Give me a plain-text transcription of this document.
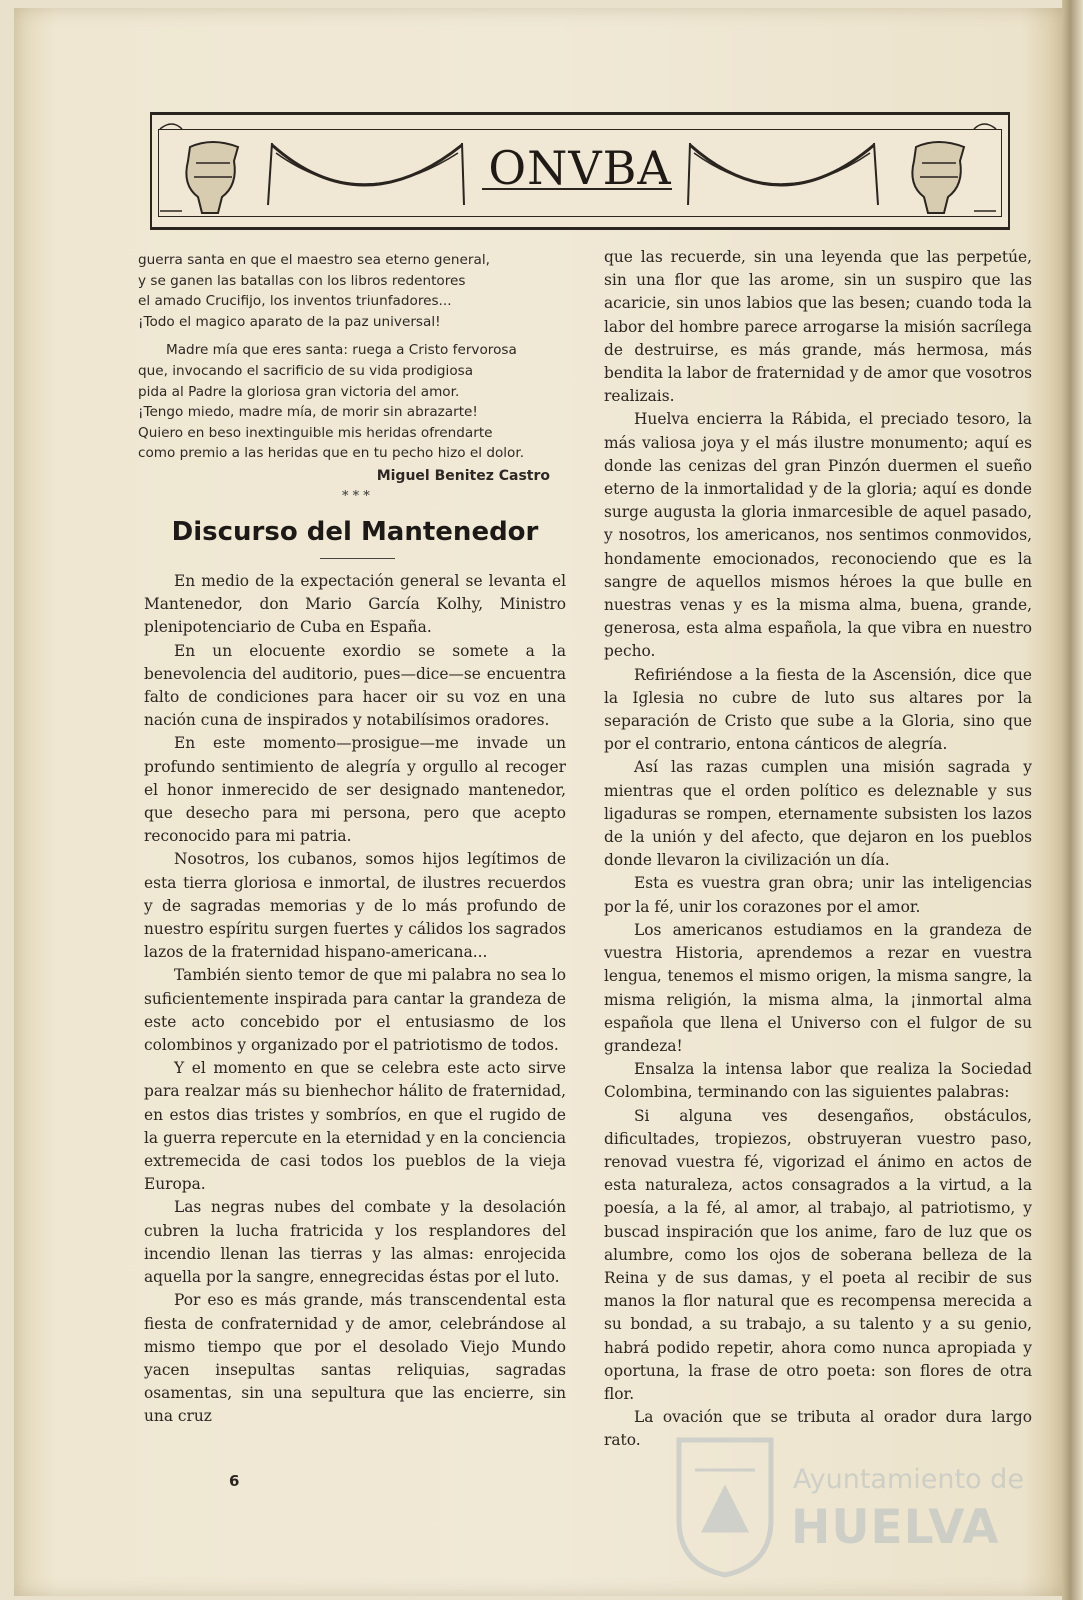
ONVBA

guerra santa en que el maestro sea eterno general,

y se ganen las batallas con los libros redentores

el amado Crucifijo, los inventos triunfadores...

¡Todo el magico aparato de la paz universal!

Madre mía que eres santa: ruega a Cristo fervorosa

que, invocando el sacrificio de su vida prodigiosa

pida al Padre la gloriosa gran victoria del amor.

¡Tengo miedo, madre mía, de morir sin abrazarte!

Quiero en beso inextinguible mis heridas ofrendarte

como premio a las heridas que en tu pecho hizo el dolor.

Miguel Benitez Castro
* * *
Discurso del Mantenedor

En medio de la expectación general se levanta el Mantenedor, don Mario García Kolhy, Ministro plenipotenciario de Cuba en España.

En un elocuente exordio se somete a la benevolencia del auditorio, pues—dice—se encuentra falto de condiciones para hacer oir su voz en una nación cuna de inspirados y notabilísimos oradores.

En este momento—prosigue—me invade un profundo sentimiento de alegría y orgullo al recoger el honor inmerecido de ser designado mantenedor, que desecho para mi persona, pero que acepto reconocido para mi patria.

Nosotros, los cubanos, somos hijos legítimos de esta tierra gloriosa e inmortal, de ilustres recuerdos y de sagradas memorias y de lo más profundo de nuestro espíritu surgen fuertes y cálidos los sagrados lazos de la fraternidad hispano-americana...

También siento temor de que mi palabra no sea lo suficientemente inspirada para cantar la grandeza de este acto concebido por el entusiasmo de los colombinos y organizado por el patriotismo de todos.

Y el momento en que se celebra este acto sirve para realzar más su bienhechor hálito de fraternidad, en estos dias tristes y sombríos, en que el rugido de la guerra repercute en la eternidad y en la conciencia extremecida de casi todos los pueblos de la vieja Europa.

Las negras nubes del combate y la desolación cubren la lucha fratricida y los resplandores del incendio llenan las tierras y las almas: enrojecida aquella por la sangre, ennegrecidas éstas por el luto.

Por eso es más grande, más transcendental esta fiesta de confraternidad y de amor, celebrándose al mismo tiempo que por el desolado Viejo Mundo yacen insepultas santas reliquias, sagradas osamentas, sin una sepultura que las encierre, sin una cruz

6

que las recuerde, sin una leyenda que las perpetúe, sin una flor que las arome, sin un suspiro que las acaricie, sin unos labios que las besen; cuando toda la labor del hombre parece arrogarse la misión sacrílega de destruirse, es más grande, más hermosa, más bendita la labor de fraternidad y de amor que vosotros realizais.

Huelva encierra la Rábida, el preciado tesoro, la más valiosa joya y el más ilustre monumento; aquí es donde las cenizas del gran Pinzón duermen el sueño eterno de la inmortalidad y de la gloria; aquí es donde surge augusta la gloria inmarcesible de aquel pasado, y nosotros, los americanos, nos sentimos conmovidos, hondamente emocionados, reconociendo que es la sangre de aquellos mismos héroes la que bulle en nuestras venas y es la misma alma, buena, grande, generosa, esta alma española, la que vibra en nuestro pecho.

Refiriéndose a la fiesta de la Ascensión, dice que la Iglesia no cubre de luto sus altares por la separación de Cristo que sube a la Gloria, sino que por el contrario, entona cánticos de alegría.

Así las razas cumplen una misión sagrada y mientras que el orden político es deleznable y sus ligaduras se rompen, eternamente subsisten los lazos de la unión y del afecto, que dejaron en los pueblos donde llevaron la civilización un día.

Esta es vuestra gran obra; unir las inteligencias por la fé, unir los corazones por el amor.

Los americanos estudiamos en la grandeza de vuestra Historia, aprendemos a rezar en vuestra lengua, tenemos el mismo origen, la misma sangre, la misma religión, la misma alma, la ¡inmortal alma española que llena el Universo con el fulgor de su grandeza!

Ensalza la intensa labor que realiza la Sociedad Colombina, terminando con las siguientes palabras:

Si alguna ves desengaños, obstáculos, dificultades, tropiezos, obstruyeran vuestro paso, renovad vuestra fé, vigorizad el ánimo en actos de esta naturaleza, actos consagrados a la virtud, a la poesía, a la fé, al amor, al trabajo, al patriotismo, y buscad inspiración que los anime, faro de luz que os alumbre, como los ojos de soberana belleza de la Reina y de sus damas, y el poeta al recibir de sus manos la flor natural que es recompensa merecida a su bondad, a su trabajo, a su talento y a su genio, habrá podido repetir, ahora como nunca apropiada y oportuna, la frase de otro poeta: son flores de otra flor.

La ovación que se tributa al orador dura largo rato.

Ayuntamiento de
HUELVA
